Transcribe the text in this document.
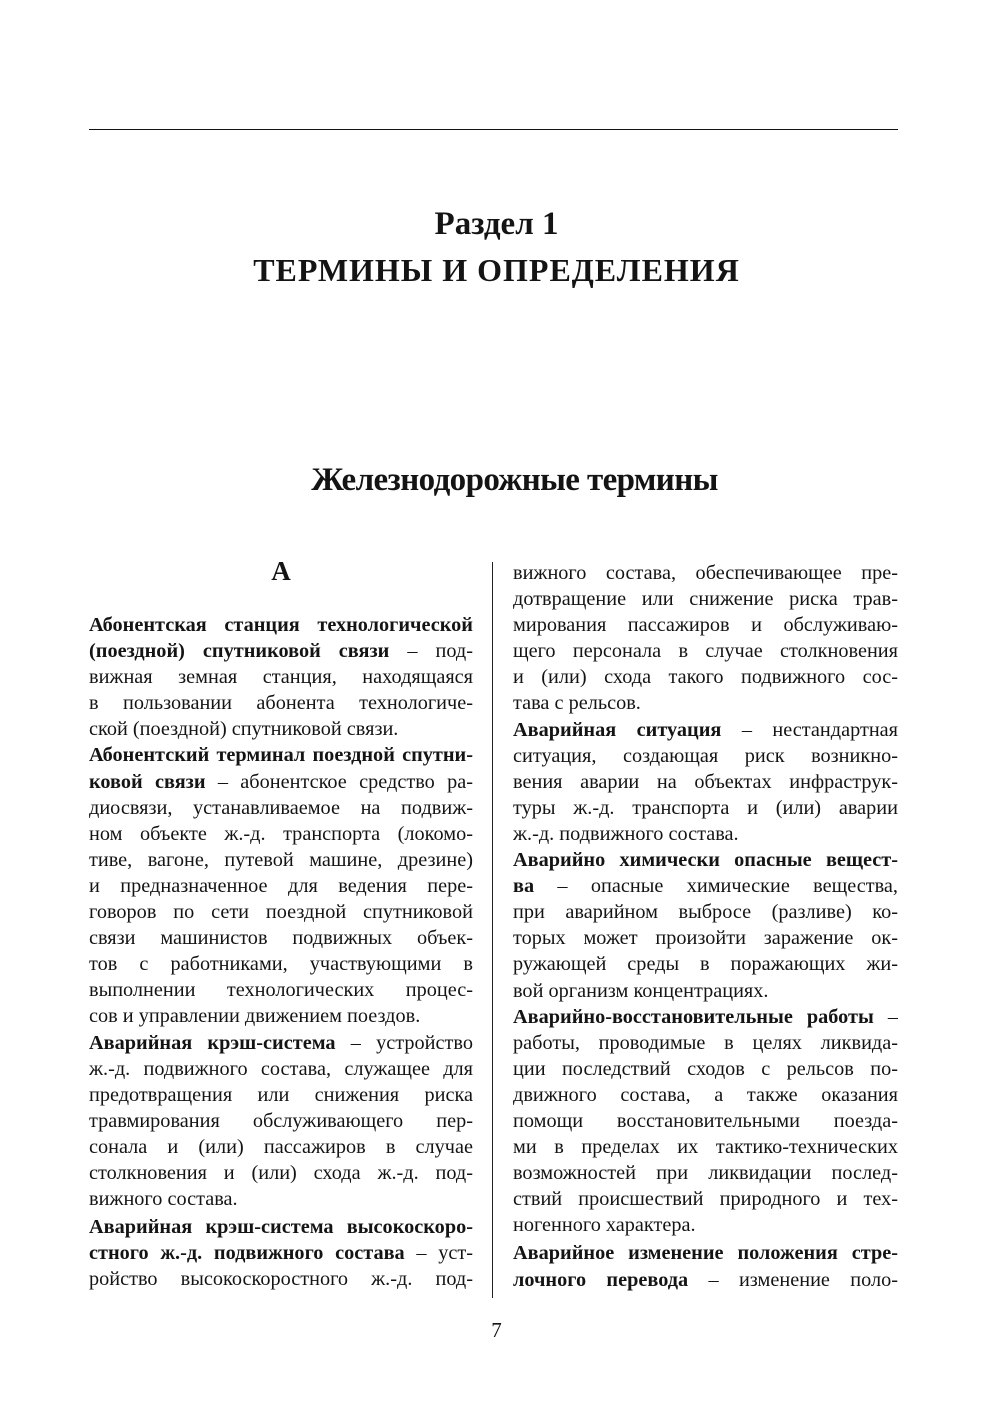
Раздел 1
ТЕРМИНЫ И ОПРЕДЕЛЕНИЯ
Железнодорожные термины
А
Абонентская станция технологической
(поездной) спутниковой связи – под-
вижная земная станция, находящаяся
в пользовании абонента технологиче-
ской (поездной) спутниковой связи.
Абонентский терминал поездной спутни-
ковой связи – абонентское средство ра-
диосвязи, устанавливаемое на подвиж-
ном объекте ж.-д. транспорта (локомо-
тиве, вагоне, путевой машине, дрезине)
и предназначенное для ведения пере-
говоров по сети поездной спутниковой
связи машинистов подвижных объек-
тов с работниками, участвующими в
выполнении технологических процес-
сов и управлении движением поездов.
Аварийная крэш-система – устройство
ж.-д. подвижного состава, служащее для
предотвращения или снижения риска
травмирования обслуживающего пер-
сонала и (или) пассажиров в случае
столкновения и (или) схода ж.-д. под-
вижного состава.
Аварийная крэш-система высокоскоро-
стного ж.-д. подвижного состава – уст-
ройство высокоскоростного ж.-д. под-
вижного состава, обеспечивающее пре-
дотвращение или снижение риска трав-
мирования пассажиров и обслуживаю-
щего персонала в случае столкновения
и (или) схода такого подвижного сос-
тава с рельсов.
Аварийная ситуация – нестандартная
ситуация, создающая риск возникно-
вения аварии на объектах инфраструк-
туры ж.-д. транспорта и (или) аварии
ж.-д. подвижного состава.
Аварийно химически опасные вещест-
ва – опасные химические вещества,
при аварийном выбросе (разливе) ко-
торых может произойти заражение ок-
ружающей среды в поражающих жи-
вой организм концентрациях.
Аварийно-восстановительные работы –
работы, проводимые в целях ликвида-
ции последствий сходов с рельсов по-
движного состава, а также оказания
помощи восстановительными поезда-
ми в пределах их тактико-технических
возможностей при ликвидации послед-
ствий происшествий природного и тех-
ногенного характера.
Аварийное изменение положения стре-
лочного перевода – изменение поло-
7
